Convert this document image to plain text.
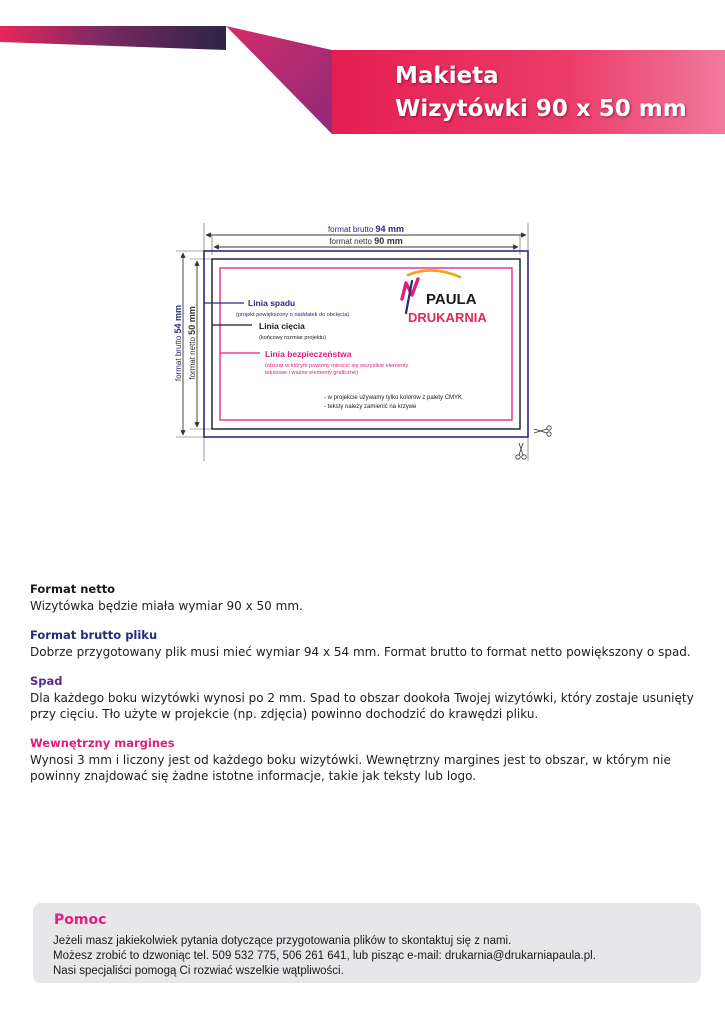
Makieta
Wizytówki 90 x 50 mm
format brutto 94 mm
format netto 90 mm
format brutto 54 mm
format netto 50 mm
Linia spadu
(projekt powiększony o naddatek do obcięcia)
Linia cięcia
(końcowy rozmiar projektu)
Linia bezpieczeństwa
(obszar w którym powinny mieścić się wszystkie elementy
tekstowe i ważne elementy graficzne)
- w projekcie używamy tylko kolorów z palety CMYK
- teksty należy zamienić na krzywe
PAULA
DRUKARNIA

Format netto

Wizytówka będzie miała wymiar 90 x 50 mm.

Format brutto pliku

Dobrze przygotowany plik musi mieć wymiar 94 x 54 mm. Format brutto to format netto powiększony o spad.

Spad

Dla każdego boku wizytówki wynosi po 2 mm. Spad to obszar dookoła Twojej wizytówki, który zostaje usunięty przy cięciu. Tło użyte w projekcie (np. zdjęcia) powinno dochodzić do krawędzi pliku.

Wewnętrzny margines

Wynosi 3 mm i liczony jest od każdego boku wizytówki. Wewnętrzny margines jest to obszar, w którym nie powinny znajdować się żadne istotne informacje, takie jak teksty lub logo.

Pomoc

Jeżeli masz jakiekolwiek pytania dotyczące przygotowania plików to skontaktuj się z nami.
Możesz zrobić to dzwoniąc tel. 509 532 775, 506 261 641, lub pisząc e-mail: drukarnia@drukarniapaula.pl.
Nasi specjaliści pomogą Ci rozwiać wszelkie wątpliwości.
